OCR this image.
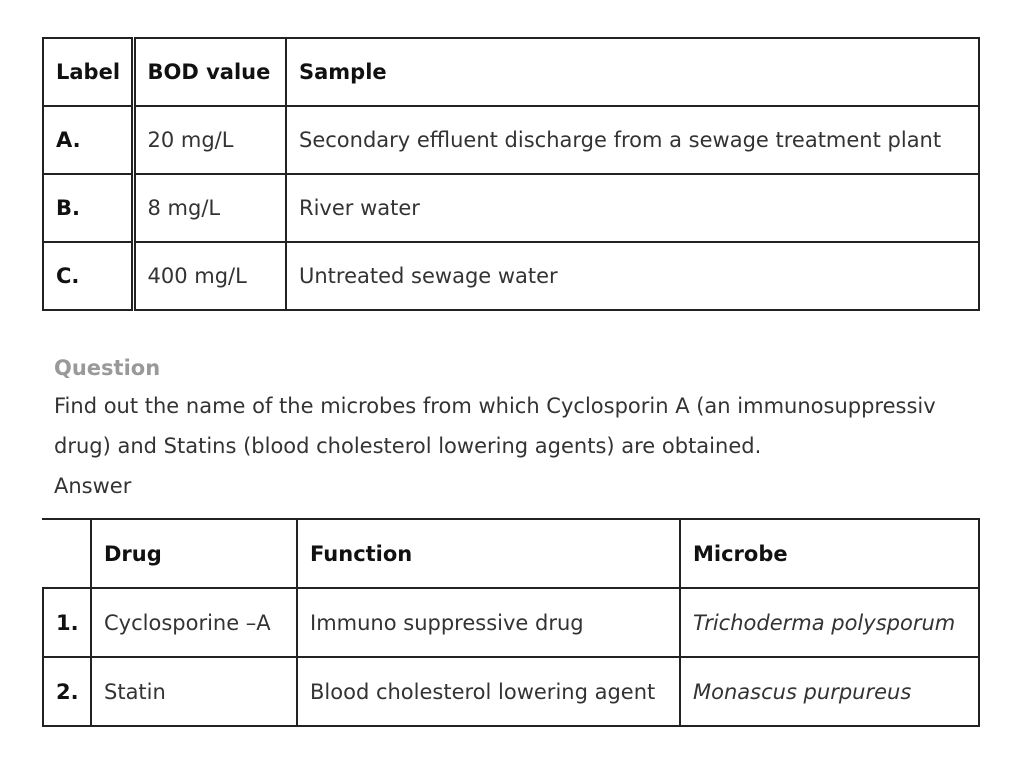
Label	BOD value	Sample
A.	20 mg/L	Secondary effluent discharge from a sewage treatment plant
B.	8 mg/L	River water
C.	400 mg/L	Untreated sewage water
Question
Find out the name of the microbes from which Cyclosporin A (an immunosuppressiv
drug) and Statins (blood cholesterol lowering agents) are obtained.
Answer
	Drug	Function	Microbe
1.	Cyclosporine –A	Immuno suppressive drug	Trichoderma polysporum
2.	Statin	Blood cholesterol lowering agent	Monascus purpureus
